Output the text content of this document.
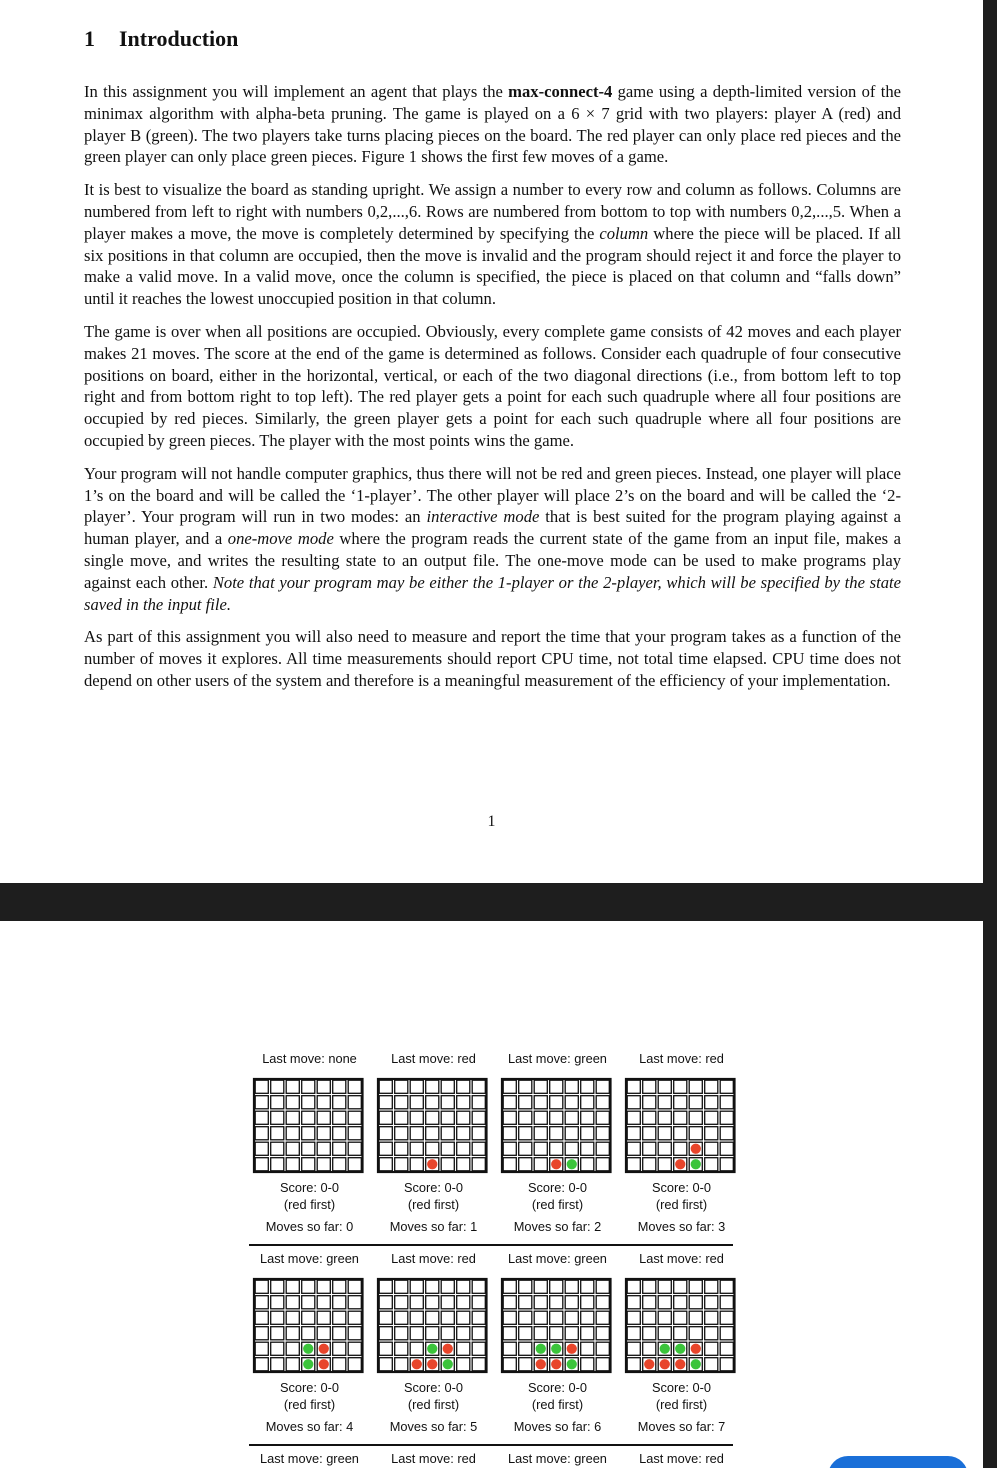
1 Introduction

In this assignment you will implement an agent that plays the max-connect-4 game using a depth-limited version of the minimax algorithm with alpha-beta pruning. The game is played on a 6 × 7 grid with two players: player A (red) and player B (green). The two players take turns placing pieces on the board. The red player can only place red pieces and the green player can only place green pieces. Figure 1 shows the first few moves of a game.

It is best to visualize the board as standing upright. We assign a number to every row and column as follows. Columns are numbered from left to right with numbers 0,2,...,6. Rows are numbered from bottom to top with numbers 0,2,...,5. When a player makes a move, the move is completely determined by specifying the column where the piece will be placed. If all six positions in that column are occupied, then the move is invalid and the program should reject it and force the player to make a valid move. In a valid move, once the column is specified, the piece is placed on that column and “falls down” until it reaches the lowest unoccupied position in that column.

The game is over when all positions are occupied. Obviously, every complete game consists of 42 moves and each player makes 21 moves. The score at the end of the game is determined as follows. Consider each quadruple of four consecutive positions on board, either in the horizontal, vertical, or each of the two diagonal directions (i.e., from bottom left to top right and from bottom right to top left). The red player gets a point for each such quadruple where all four positions are occupied by red pieces. Similarly, the green player gets a point for each such quadruple where all four positions are occupied by green pieces. The player with the most points wins the game.

Your program will not handle computer graphics, thus there will not be red and green pieces. Instead, one player will place 1’s on the board and will be called the ‘1-player’. The other player will place 2’s on the board and will be called the ‘2-player’. Your program will run in two modes: an interactive mode that is best suited for the program playing against a human player, and a one-move mode where the program reads the current state of the game from an input file, makes a single move, and writes the resulting state to an output file. The one-move mode can be used to make programs play against each other. Note that your program may be either the 1-player or the 2-player, which will be specified by the state saved in the input file.

As part of this assignment you will also need to measure and report the time that your program takes as a function of the number of moves it explores. All time measurements should report CPU time, not total time elapsed. CPU time does not depend on other users of the system and therefore is a meaningful measurement of the efficiency of your implementation.

1
Last move: none
Score: 0-0
(red first)
Moves so far: 0
Last move: red
Score: 0-0
(red first)
Moves so far: 1
Last move: green
Score: 0-0
(red first)
Moves so far: 2
Last move: red
Score: 0-0
(red first)
Moves so far: 3
Last move: green
Score: 0-0
(red first)
Moves so far: 4
Last move: red
Score: 0-0
(red first)
Moves so far: 5
Last move: green
Score: 0-0
(red first)
Moves so far: 6
Last move: red
Score: 0-0
(red first)
Moves so far: 7
Last move: green	Last move: red	Last move: green	Last move: red
